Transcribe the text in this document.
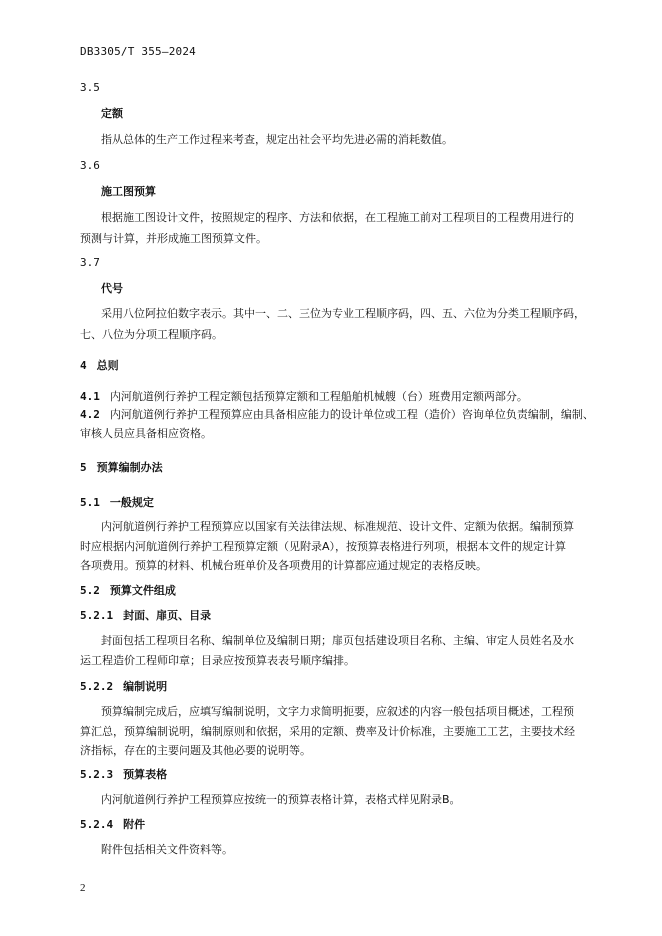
DB3305/T 355—2024
3.5
定额
指从总体的生产工作过程来考查，规定出社会平均先进必需的消耗数值。
3.6
施工图预算
根据施工图设计文件，按照规定的程序、方法和依据，在工程施工前对工程项目的工程费用进行的
预测与计算，并形成施工图预算文件。
3.7
代号
采用八位阿拉伯数字表示。其中一、二、三位为专业工程顺序码，四、五、六位为分类工程顺序码，
七、八位为分项工程顺序码。
4 总则
4.1 内河航道例行养护工程定额包括预算定额和工程船舶机械艘（台）班费用定额两部分。
4.2 内河航道例行养护工程预算应由具备相应能力的设计单位或工程（造价）咨询单位负责编制，编制、
审核人员应具备相应资格。
5 预算编制办法
5.1 一般规定
内河航道例行养护工程预算应以国家有关法律法规、标准规范、设计文件、定额为依据。编制预算
时应根据内河航道例行养护工程预算定额（见附录A），按预算表格进行列项，根据本文件的规定计算
各项费用。预算的材料、机械台班单价及各项费用的计算都应通过规定的表格反映。
5.2 预算文件组成
5.2.1 封面、扉页、目录
封面包括工程项目名称、编制单位及编制日期；扉页包括建设项目名称、主编、审定人员姓名及水
运工程造价工程师印章；目录应按预算表表号顺序编排。
5.2.2 编制说明
预算编制完成后，应填写编制说明，文字力求简明扼要，应叙述的内容一般包括项目概述，工程预
算汇总，预算编制说明，编制原则和依据，采用的定额、费率及计价标准，主要施工工艺，主要技术经
济指标，存在的主要问题及其他必要的说明等。
5.2.3 预算表格
内河航道例行养护工程预算应按统一的预算表格计算，表格式样见附录B。
5.2.4 附件
附件包括相关文件资料等。
2
